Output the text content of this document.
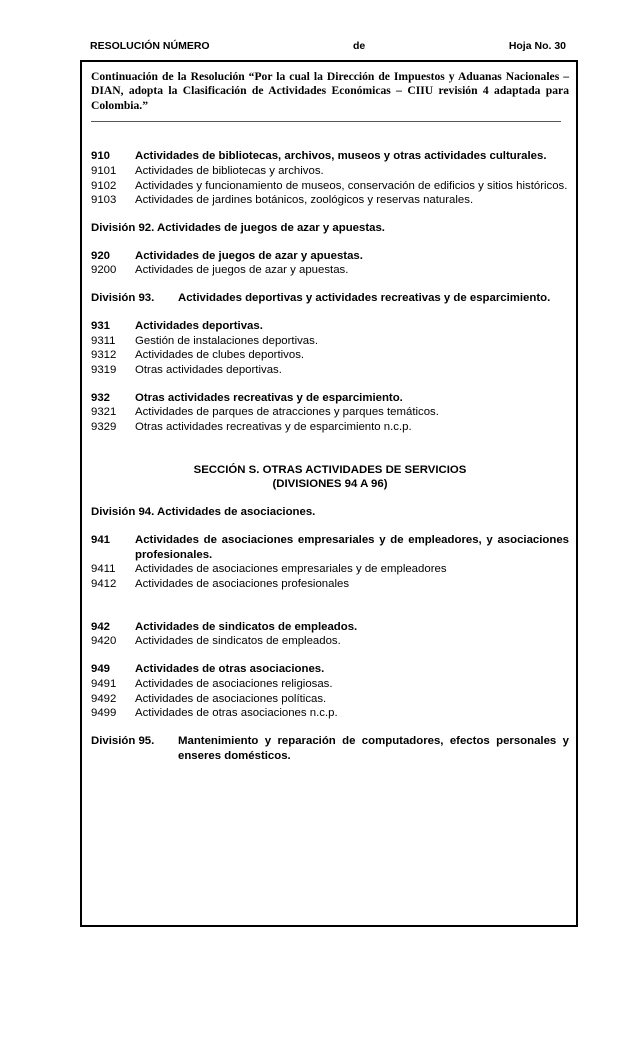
RESOLUCIÓN NÚMERO	de	Hoja No. 30

Continuación de la Resolución “Por la cual la Dirección de Impuestos y Aduanas Nacionales – DIAN, adopta la Clasificación de Actividades Económicas – CIIU revisión 4 adaptada para Colombia.”

910 Actividades de bibliotecas, archivos, museos y otras actividades culturales.
9101 Actividades de bibliotecas y archivos.
9102 Actividades y funcionamiento de museos, conservación de edificios y sitios históricos.
9103 Actividades de jardines botánicos, zoológicos y reservas naturales.

División 92. Actividades de juegos de azar y apuestas.

920 Actividades de juegos de azar y apuestas.
9200 Actividades de juegos de azar y apuestas.
División 93. Actividades deportivas y actividades recreativas y de esparcimiento.
931 Actividades deportivas.
9311 Gestión de instalaciones deportivas.
9312 Actividades de clubes deportivos.
9319 Otras actividades deportivas.
932 Otras actividades recreativas y de esparcimiento.
9321 Actividades de parques de atracciones y parques temáticos.
9329 Otras actividades recreativas y de esparcimiento n.c.p.

SECCIÓN S. OTRAS ACTIVIDADES DE SERVICIOS

(DIVISIONES 94 A 96)

División 94. Actividades de asociaciones.

941 Actividades de asociaciones empresariales y de empleadores, y asociaciones profesionales.
9411 Actividades de asociaciones empresariales y de empleadores
9412 Actividades de asociaciones profesionales
942 Actividades de sindicatos de empleados.
9420 Actividades de sindicatos de empleados.
949 Actividades de otras asociaciones.
9491 Actividades de asociaciones religiosas.
9492 Actividades de asociaciones políticas.
9499 Actividades de otras asociaciones n.c.p.
División 95. Mantenimiento y reparación de computadores, efectos personales y enseres domésticos.
